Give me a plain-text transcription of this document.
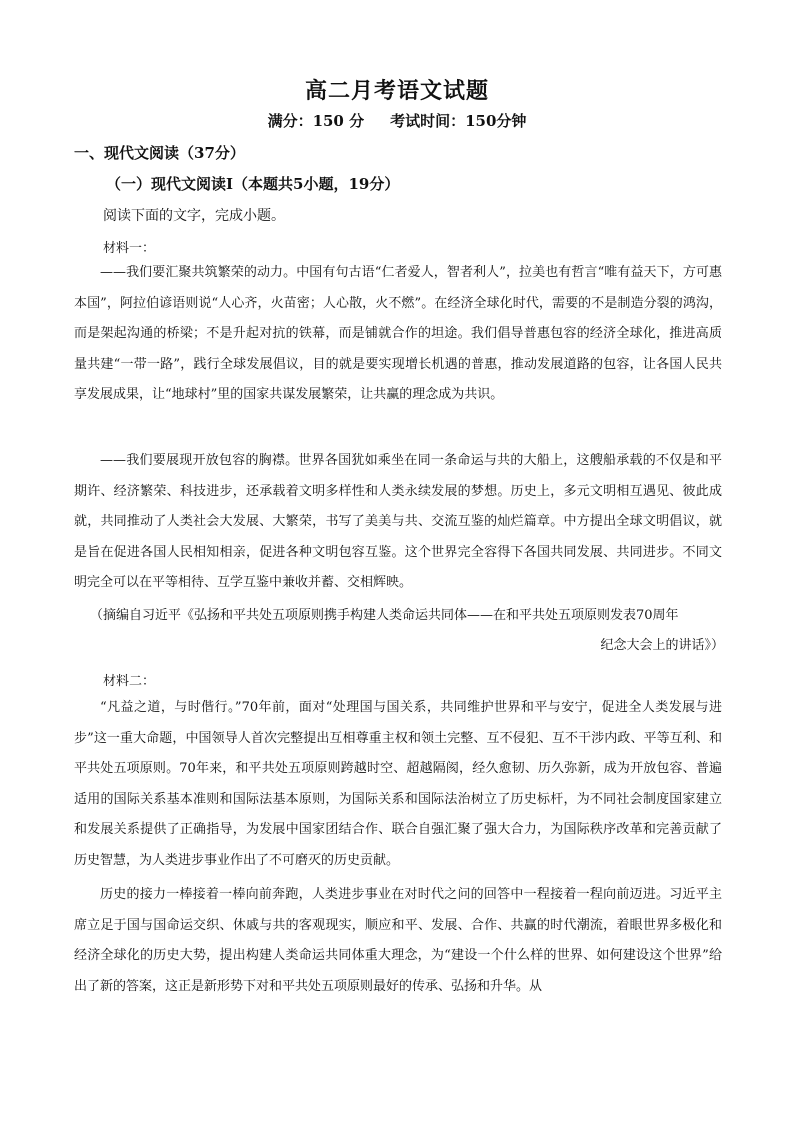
高二月考语文试题
满分：150 分 考试时间：150分钟
一、现代文阅读（37分）
（一）现代文阅读Ⅰ（本题共5小题，19分）
阅读下面的文字，完成小题。
材料一：

——我们要汇聚共筑繁荣的动力。中国有句古语“仁者爱人，智者利人”，拉美也有哲言“唯有益天下，方可惠本国”，阿拉伯谚语则说“人心齐，火苗密；人心散，火不燃”。在经济全球化时代，需要的不是制造分裂的鸿沟，而是架起沟通的桥梁；不是升起对抗的铁幕，而是铺就合作的坦途。我们倡导普惠包容的经济全球化，推进高质量共建“一带一路”，践行全球发展倡议，目的就是要实现增长机遇的普惠，推动发展道路的包容，让各国人民共享发展成果，让“地球村”里的国家共谋发展繁荣，让共赢的理念成为共识。

——我们要展现开放包容的胸襟。世界各国犹如乘坐在同一条命运与共的大船上，这艘船承载的不仅是和平期许、经济繁荣、科技进步，还承载着文明多样性和人类永续发展的梦想。历史上，多元文明相互遇见、彼此成就，共同推动了人类社会大发展、大繁荣，书写了美美与共、交流互鉴的灿烂篇章。中方提出全球文明倡议，就是旨在促进各国人民相知相亲，促进各种文明包容互鉴。这个世界完全容得下各国共同发展、共同进步。不同文明完全可以在平等相待、互学互鉴中兼收并蓄、交相辉映。

（摘编自习近平《弘扬和平共处五项原则携手构建人类命运共同体——在和平共处五项原则发表70周年
纪念大会上的讲话》）
材料二：

“凡益之道，与时偕行。”70年前，面对“处理国与国关系，共同维护世界和平与安宁，促进全人类发展与进步”这一重大命题，中国领导人首次完整提出互相尊重主权和领土完整、互不侵犯、互不干涉内政、平等互利、和平共处五项原则。70年来，和平共处五项原则跨越时空、超越隔阂，经久愈韧、历久弥新，成为开放包容、普遍适用的国际关系基本准则和国际法基本原则，为国际关系和国际法治树立了历史标杆，为不同社会制度国家建立和发展关系提供了正确指导，为发展中国家团结合作、联合自强汇聚了强大合力，为国际秩序改革和完善贡献了历史智慧，为人类进步事业作出了不可磨灭的历史贡献。

历史的接力一棒接着一棒向前奔跑，人类进步事业在对时代之问的回答中一程接着一程向前迈进。习近平主席立足于国与国命运交织、休戚与共的客观现实，顺应和平、发展、合作、共赢的时代潮流，着眼世界多极化和经济全球化的历史大势，提出构建人类命运共同体重大理念，为“建设一个什么样的世界、如何建设这个世界”给出了新的答案，这正是新形势下对和平共处五项原则最好的传承、弘扬和升华。从
